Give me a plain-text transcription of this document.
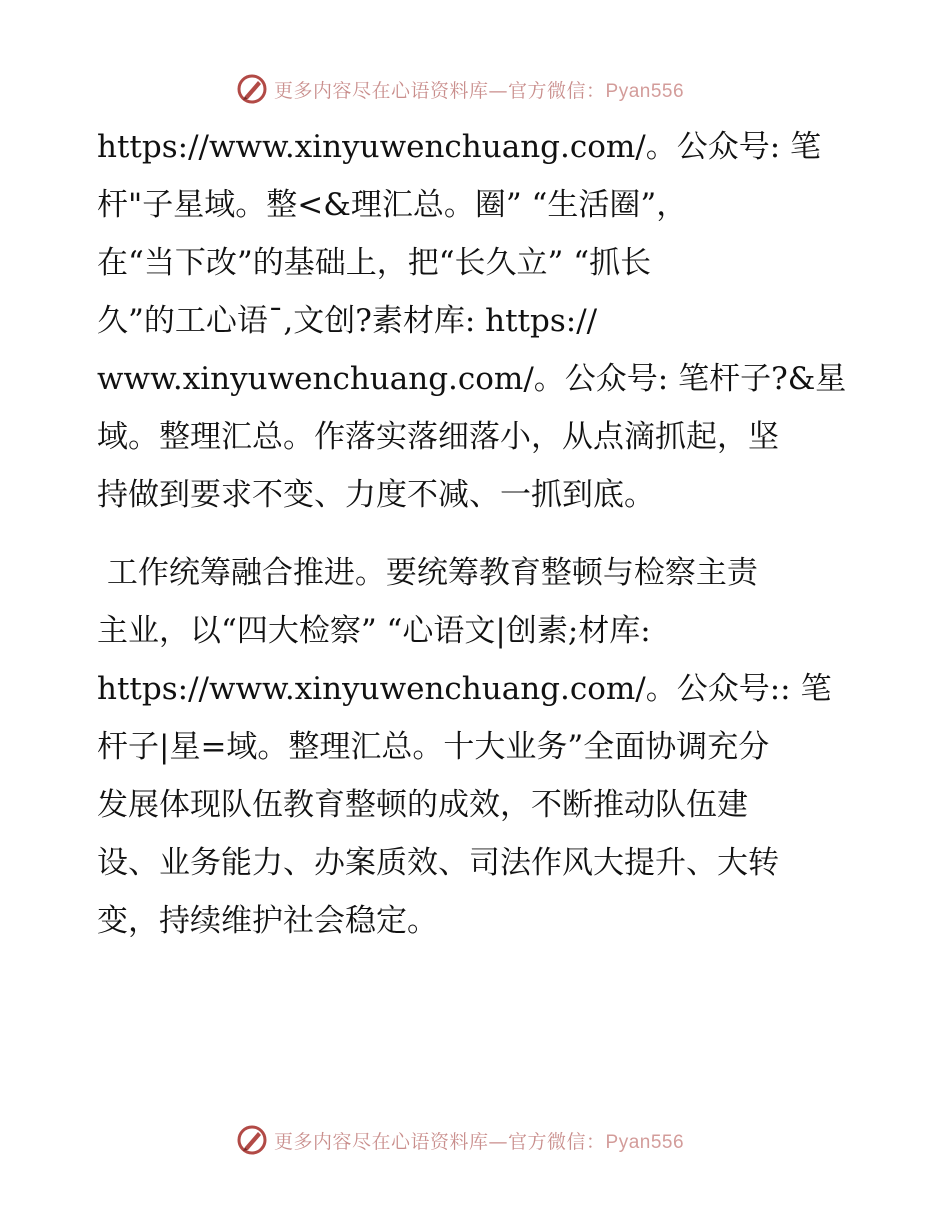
更多内容尽在心语资料库—官方微信：Pyan556
https://www.xinyuwenchuang.com/。公众号: 笔
杆"子星域。整<&理汇总。圈” “生活圈”，
在“当下改”的基础上，把“长久立” “抓长
久”的工心语¯,文创?素材库: https://
www.xinyuwenchuang.com/。公众号: 笔杆子?&星
域。整理汇总。作落实落细落小，从点滴抓起，坚
持做到要求不变、力度不减、一抓到底。
工作统筹融合推进。要统筹教育整顿与检察主责
主业，以“四大检察” “心语文|创素;材库:
https://www.xinyuwenchuang.com/。公众号:: 笔
杆子|星=域。整理汇总。十大业务”全面协调充分
发展体现队伍教育整顿的成效，不断推动队伍建
设、业务能力、办案质效、司法作风大提升、大转
变，持续维护社会稳定。
更多内容尽在心语资料库—官方微信：Pyan556
